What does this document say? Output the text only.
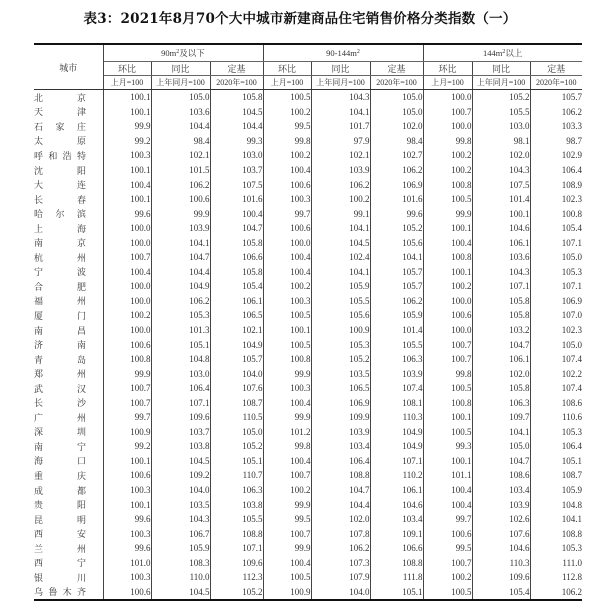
表3：2021年8月70个大中城市新建商品住宅销售价格分类指数（一）
城市	$90m^2$及以下			$90-144m^2$			$144m^2$以上		
	环比	同比	定基	环比	同比	定基	环比	同比	定基
	上月=100	上年同月=100	2020年=100	上月=100	上年同月=100	2020年=100	上月=100	上年同月=100	2020年=100
北京	100.1	105.0	105.8	100.5	104.3	105.0	100.0	105.2	105.7
天津	100.1	103.6	104.5	100.2	104.1	105.0	100.7	105.5	106.2
石家庄	99.9	104.4	104.4	99.5	101.7	102.0	100.0	103.0	103.3
太原	99.2	98.4	99.3	99.8	97.9	98.4	99.8	98.1	98.7
呼和浩特	100.3	102.1	103.0	100.2	102.1	102.7	100.2	102.0	102.9
沈阳	100.1	101.5	103.7	100.4	103.9	106.2	100.2	104.3	106.4
大连	100.4	106.2	107.5	100.6	106.2	106.9	100.8	107.5	108.9
长春	100.1	100.6	101.6	100.3	100.2	101.6	100.5	101.4	102.3
哈尔滨	99.6	99.9	100.4	99.7	99.1	99.6	99.9	100.1	100.8
上海	100.0	103.9	104.7	100.6	104.1	105.2	100.1	104.6	105.4
南京	100.0	104.1	105.8	100.0	104.5	105.6	100.4	106.1	107.1
杭州	100.7	104.7	106.6	100.4	102.4	104.1	100.8	103.6	105.0
宁波	100.4	104.4	105.8	100.4	104.1	105.7	100.1	104.3	105.3
合肥	100.0	104.9	105.4	100.2	105.9	105.7	100.2	107.1	107.1
福州	100.0	106.2	106.1	100.3	105.5	106.2	100.0	105.8	106.9
厦门	100.2	105.3	106.5	100.5	105.6	105.9	100.6	105.8	107.0
南昌	100.0	101.3	102.1	100.1	100.9	101.4	100.0	103.2	102.3
济南	100.6	105.1	104.9	100.5	105.3	105.5	100.7	104.7	105.0
青岛	100.8	104.8	105.7	100.8	105.2	106.3	100.7	106.1	107.4
郑州	99.9	103.0	104.0	99.9	103.5	103.9	99.8	102.0	102.2
武汉	100.7	106.4	107.6	100.3	106.5	107.4	100.5	105.8	107.4
长沙	100.7	107.1	108.7	100.4	106.9	108.1	100.8	106.3	108.6
广州	99.7	109.6	110.5	99.9	109.9	110.3	100.1	109.7	110.6
深圳	100.9	103.7	105.0	101.2	103.9	104.9	100.5	104.1	105.3
南宁	99.2	103.8	105.2	99.8	103.4	104.9	99.3	105.0	106.4
海口	100.1	104.5	105.1	100.4	106.4	107.1	100.1	104.7	105.1
重庆	100.6	109.2	110.7	100.7	108.8	110.2	101.1	108.6	108.7
成都	100.3	104.0	106.3	100.2	104.7	106.1	100.4	103.4	105.9
贵阳	100.1	103.5	103.8	99.9	104.4	104.6	100.4	103.9	104.8
昆明	99.6	104.3	105.5	99.5	102.0	103.4	99.7	102.6	104.1
西安	100.3	106.7	108.8	100.7	107.8	109.1	100.6	107.6	108.8
兰州	99.6	105.9	107.1	99.9	106.2	106.6	99.5	104.6	105.3
西宁	101.0	108.3	109.6	100.4	107.3	108.8	100.7	110.3	111.0
银川	100.3	110.0	112.3	100.5	107.9	111.8	100.2	109.6	112.8
乌鲁木齐	100.6	104.5	105.2	100.9	104.0	105.1	100.5	105.4	106.2
